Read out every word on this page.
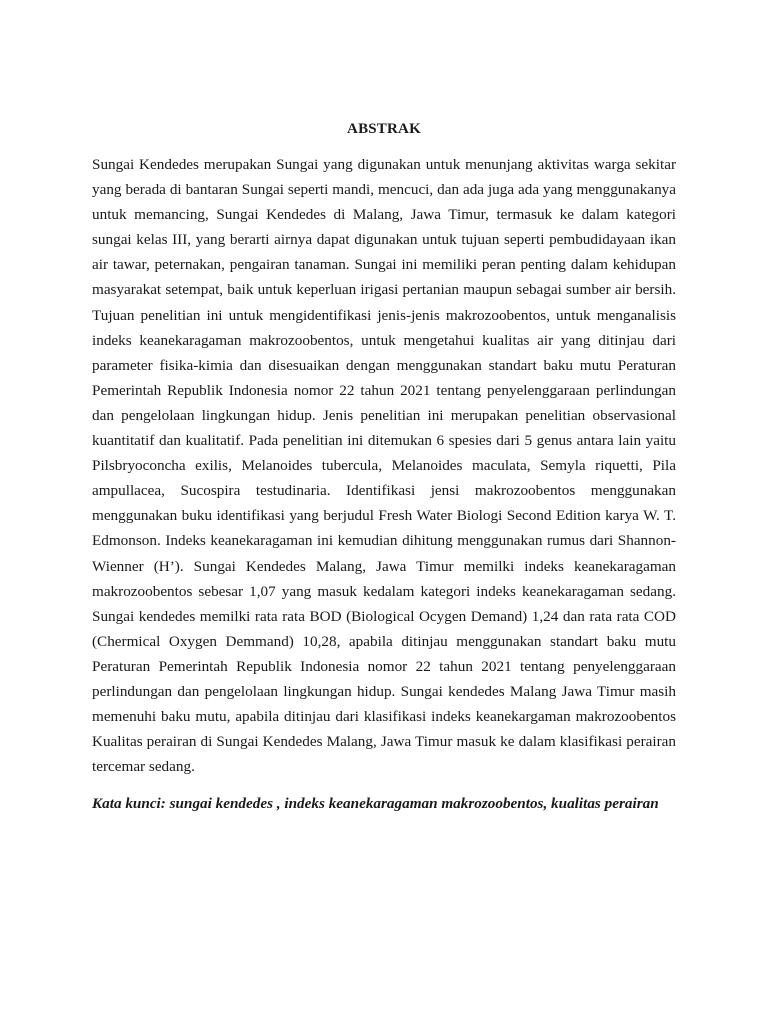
ABSTRAK

Sungai Kendedes merupakan Sungai yang digunakan untuk menunjang aktivitas warga sekitar yang berada di bantaran Sungai seperti mandi, mencuci, dan ada juga ada yang menggunakanya untuk memancing, Sungai Kendedes di Malang, Jawa Timur, termasuk ke dalam kategori sungai kelas III, yang berarti airnya dapat digunakan untuk tujuan seperti pembudidayaan ikan air tawar, peternakan, pengairan tanaman. Sungai ini memiliki peran penting dalam kehidupan masyarakat setempat, baik untuk keperluan irigasi pertanian maupun sebagai sumber air bersih. Tujuan penelitian ini untuk mengidentifikasi jenis-jenis makrozoobentos, untuk menganalisis indeks keanekaragaman makrozoobentos, untuk mengetahui kualitas air yang ditinjau dari parameter fisika-kimia dan disesuaikan dengan menggunakan standart baku mutu Peraturan Pemerintah Republik Indonesia nomor 22 tahun 2021 tentang penyelenggaraan perlindungan dan pengelolaan lingkungan hidup. Jenis penelitian ini merupakan penelitian observasional kuantitatif dan kualitatif. Pada penelitian ini ditemukan 6 spesies dari 5 genus antara lain yaitu Pilsbryoconcha exilis, Melanoides tubercula, Melanoides maculata, Semyla riquetti, Pila ampullacea, Sucospira testudinaria. Identifikasi jensi makrozoobentos menggunakan menggunakan buku identifikasi yang berjudul Fresh Water Biologi Second Edition karya W. T. Edmonson. Indeks keanekaragaman ini kemudian dihitung menggunakan rumus dari Shannon-Wienner (H’). Sungai Kendedes Malang, Jawa Timur memilki indeks keanekaragaman makrozoobentos sebesar 1,07 yang masuk kedalam kategori indeks keanekaragaman sedang. Sungai kendedes memilki rata rata BOD (Biological Ocygen Demand) 1,24 dan rata rata COD (Chermical Oxygen Demmand) 10,28, apabila ditinjau menggunakan standart baku mutu Peraturan Pemerintah Republik Indonesia nomor 22 tahun 2021 tentang penyelenggaraan perlindungan dan pengelolaan lingkungan hidup. Sungai kendedes Malang Jawa Timur masih memenuhi baku mutu, apabila ditinjau dari klasifikasi indeks keanekargaman makrozoobentos Kualitas perairan di Sungai Kendedes Malang, Jawa Timur masuk ke dalam klasifikasi perairan tercemar sedang.

Kata kunci: sungai kendedes , indeks keanekaragaman makrozoobentos, kualitas perairan
